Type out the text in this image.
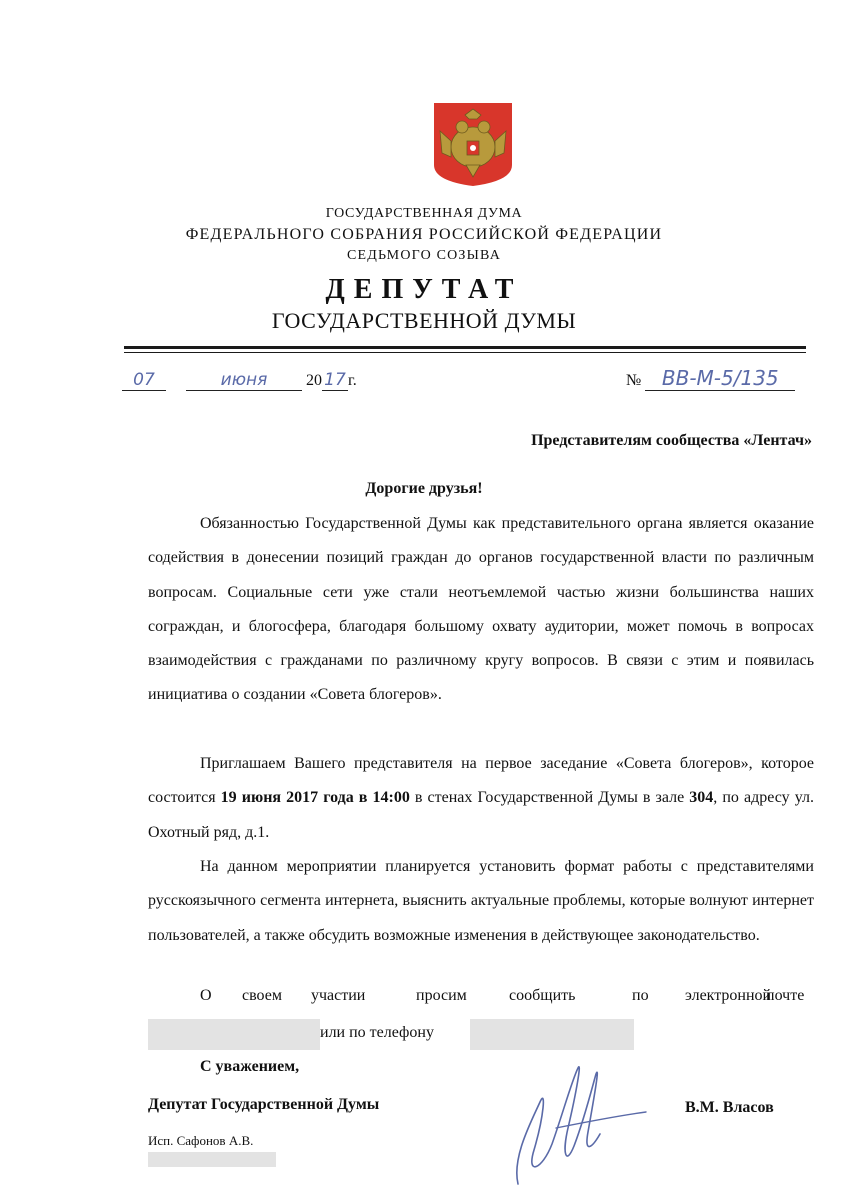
ГОСУДАРСТВЕННАЯ ДУМА
ФЕДЕРАЛЬНОГО СОБРАНИЯ РОССИЙСКОЙ ФЕДЕРАЦИИ
СЕДЬМОГО СОЗЫВА
ДЕПУТАТ
ГОСУДАРСТВЕННОЙ ДУМЫ
07	июня 20 17 г.	№ ВВ-М-5/135
Представителям сообщества «Лентач»
Дорогие друзья!
Обязанностью Государственной Думы как представительного органа является оказание содействия в донесении позиций граждан до органов государственной власти по различным вопросам. Социальные сети уже стали неотъемлемой частью жизни большинства наших сограждан, и блогосфера, благодаря большому охвату аудитории, может помочь в вопросах взаимодействия с гражданами по различному кругу вопросов. В связи с этим и появилась инициатива о создании «Совета блогеров».
Приглашаем Вашего представителя на первое заседание «Совета блогеров», которое состоится 19 июня 2017 года в 14:00 в стенах Государственной Думы в зале 304, по адресу ул. Охотный ряд, д.1.
На данном мероприятии планируется установить формат работы с представителями русскоязычного сегмента интернета, выяснить актуальные проблемы, которые волнуют интернет пользователей, а также обсудить возможные изменения в действующее законодательство.
О своем участии	просим	сообщить	по электронной
почте
или по телефону
С уважением,
Депутат Государственной Думы	В.М. Власов
Исп. Сафонов А.В.
